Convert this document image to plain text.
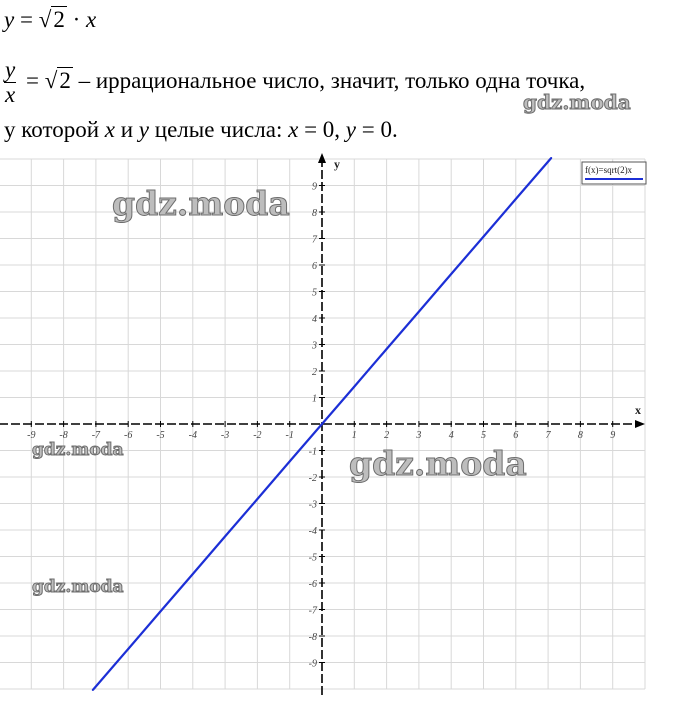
y = √2 · x
$\frac{y}{x} = √2$ – иррациональное число, значит, только одна точка,
у которой x и y целые числа: x = 0, y = 0.
x
y
-9 -8 -7 -6 -5 -4 -3 -2 -1	1	2	3	4	5	6	7	8	9
9
8
7
6
5
4
3
2
1
-1
-2
-3
-4
-5
-6
-7
-8
-9
f(x)=sqrt(2)x
gdz.moda
gdz.moda
gdz.moda	gdz.moda
gdz.moda
